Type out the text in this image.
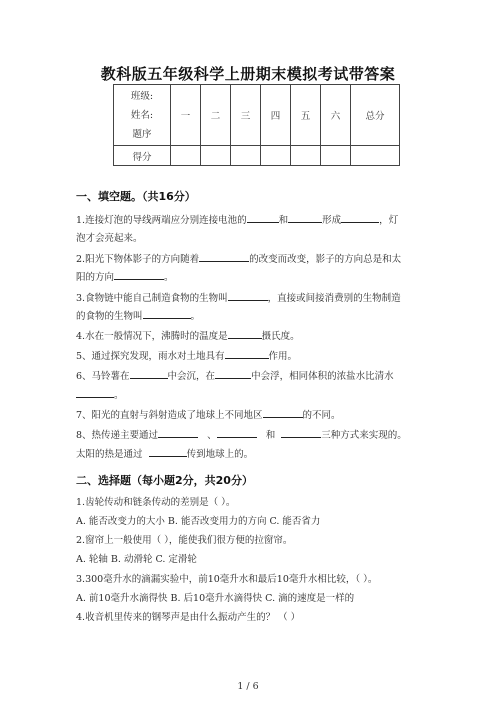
教科版五年级科学上册期末模拟考试带答案
班级:
姓名:
题序	一	二	三	四	五	六	总分
得分							
一、填空题。（共16分）
1.连接灯泡的导线两端应分别连接电池的	和	形成	，灯
泡才会亮起来。
2.阳光下物体影子的方向随着	的改变而改变，影子的方向总是和太
阳的方向	。
3.食物链中能自己制造食物的生物叫	，直接或间接消费别的生物制造
的食物的生物叫	。
4.水在一般情况下，沸腾时的温度是	摄氏度。
5、通过探究发现，雨水对土地具有	作用。
6、马铃薯在	中会沉，在	中会浮，相同体积的浓盐水比清水
。
7、阳光的直射与斜射造成了地球上不同地区	的不同。
8、热传递主要通过	、	和	三种方式来实现的。
太阳的热是通过	传到地球上的。
二、选择题（每小题2分，共20分）
1.齿轮传动和链条传动的差别是（ ）。
A. 能否改变力的大小 B. 能否改变用力的方向 C. 能否省力
2.窗帘上一般使用（ ），能使我们很方便的拉窗帘。
A. 轮轴 B. 动滑轮 C. 定滑轮
3.300毫升水的滴漏实验中，前10毫升水和最后10毫升水相比较，（ ）。
A. 前10毫升水滴得快 B. 后10毫升水滴得快 C. 滴的速度是一样的
4.收音机里传来的钢琴声是由什么振动产生的？ （ ）
1 / 6
